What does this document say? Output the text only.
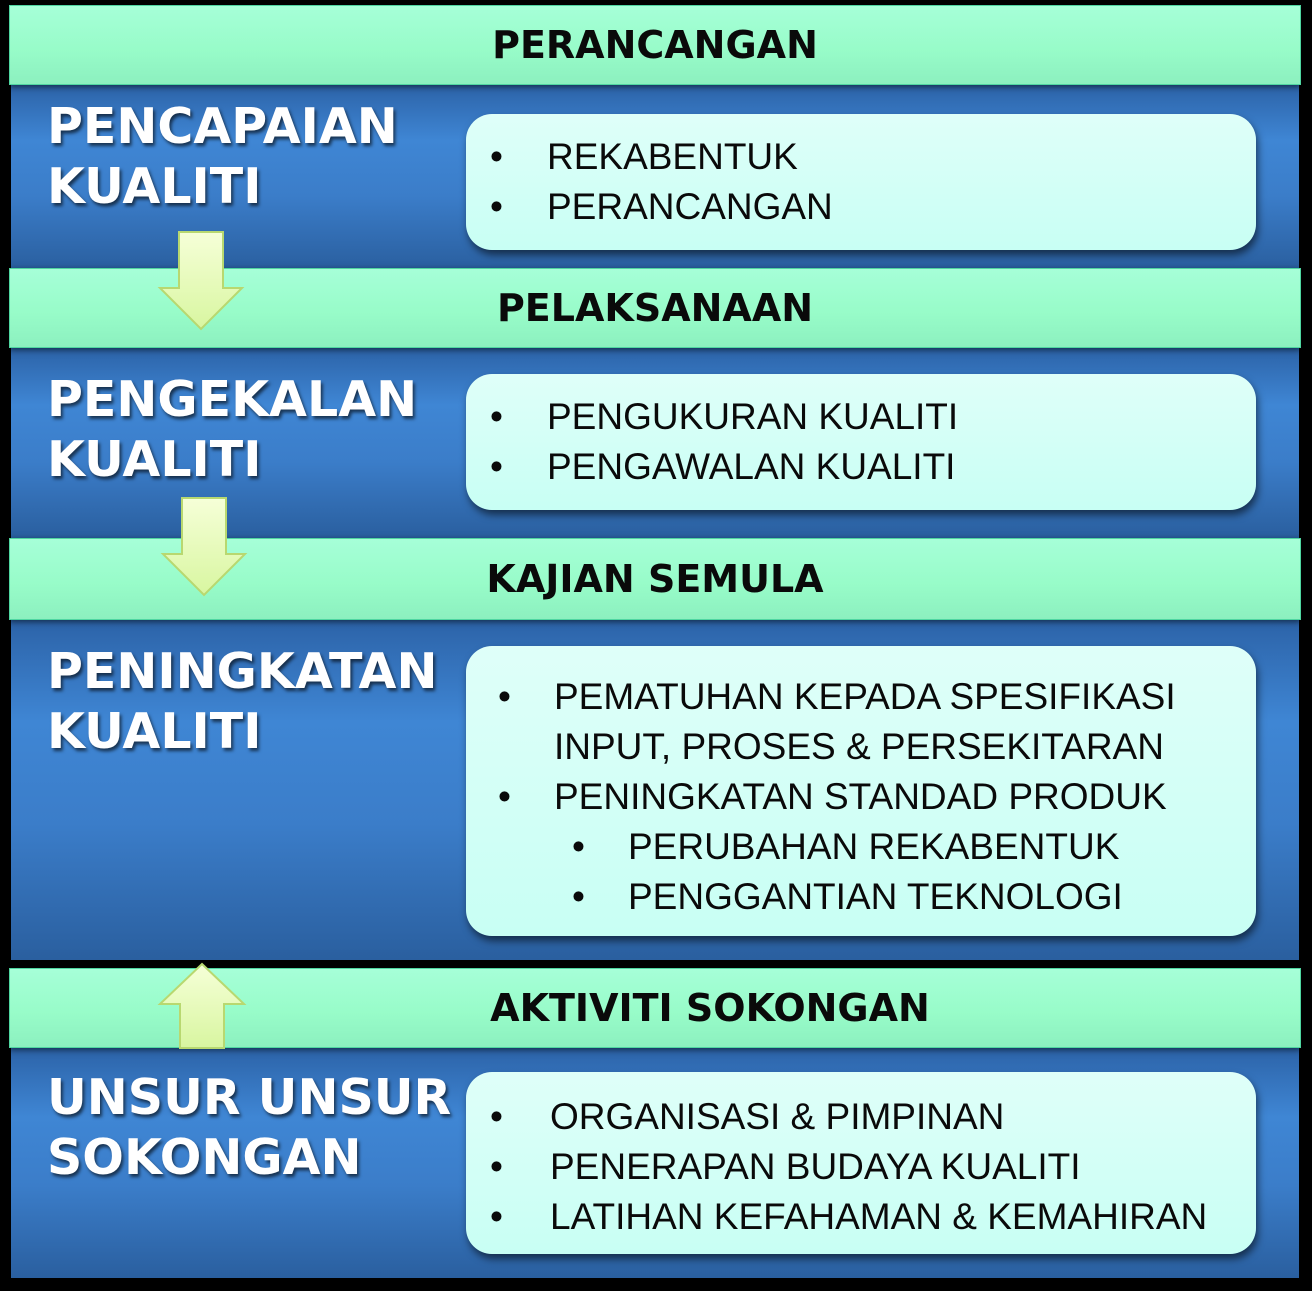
PERANCANGAN
PENCAPAIAN
KUALITI
• REKABENTUK
• PERANCANGAN
PELAKSANAAN
PENGEKALAN
KUALITI
• PENGUKURAN KUALITI
• PENGAWALAN KUALITI
KAJIAN SEMULA
PENINGKATAN
KUALITI
• PEMATUHAN KEPADA SPESIFIKASI
INPUT, PROSES & PERSEKITARAN
• PENINGKATAN STANDAD PRODUK
• PERUBAHAN REKABENTUK
• PENGGANTIAN TEKNOLOGI
AKTIVITI SOKONGAN
UNSUR UNSUR
SOKONGAN
• ORGANISASI & PIMPINAN
• PENERAPAN BUDAYA KUALITI
• LATIHAN KEFAHAMAN & KEMAHIRAN
